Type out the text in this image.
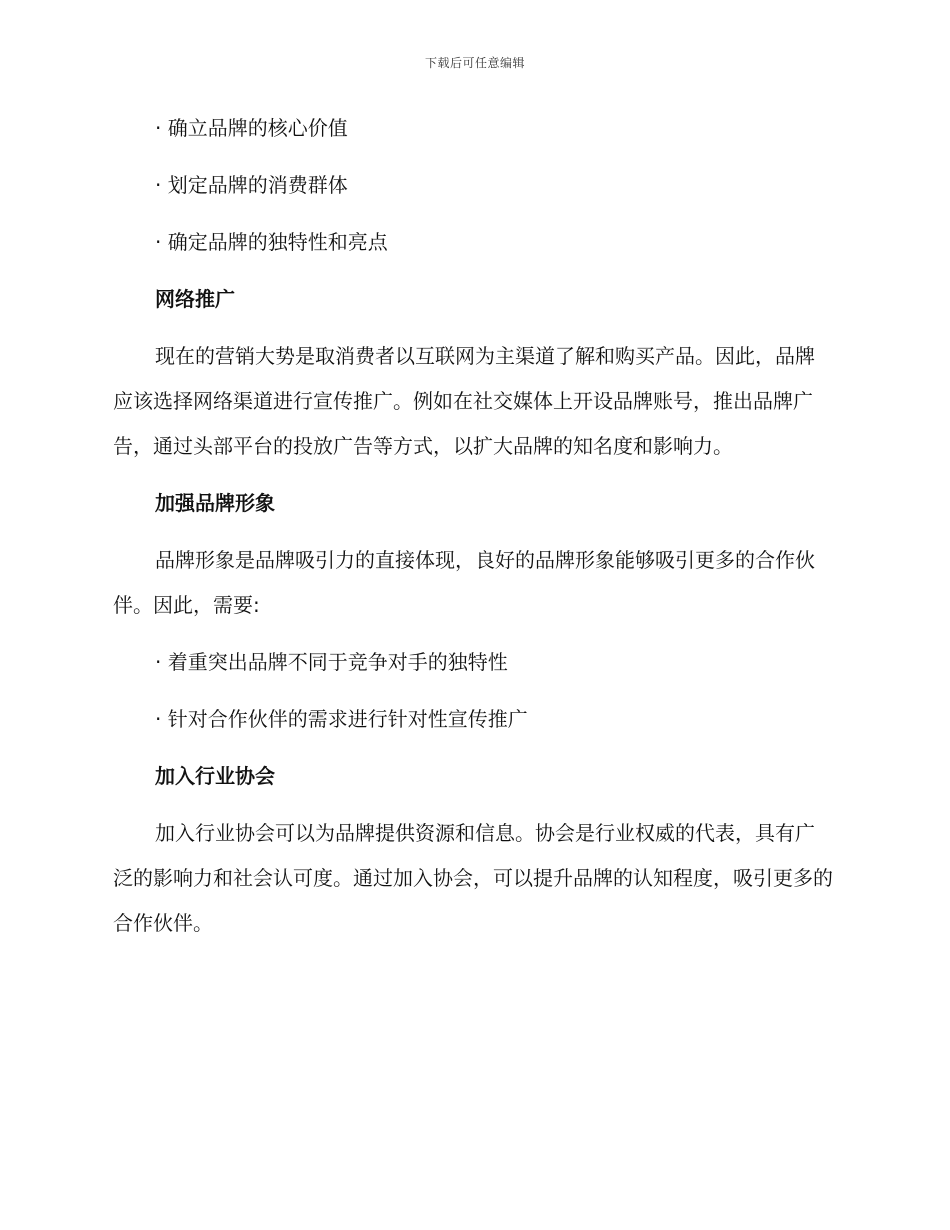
下载后可任意编辑
· 确立品牌的核心价值
· 划定品牌的消费群体
· 确定品牌的独特性和亮点
网络推广
现在的营销大势是取消费者以互联网为主渠道了解和购买产品。因此，品牌应该选择网络渠道进行宣传推广。例如在社交媒体上开设品牌账号，推出品牌广告，通过头部平台的投放广告等方式，以扩大品牌的知名度和影响力。
加强品牌形象
品牌形象是品牌吸引力的直接体现，良好的品牌形象能够吸引更多的合作伙伴。因此，需要:
· 着重突出品牌不同于竞争对手的独特性
· 针对合作伙伴的需求进行针对性宣传推广
加入行业协会
加入行业协会可以为品牌提供资源和信息。协会是行业权威的代表，具有广泛的影响力和社会认可度。通过加入协会，可以提升品牌的认知程度，吸引更多的合作伙伴。
